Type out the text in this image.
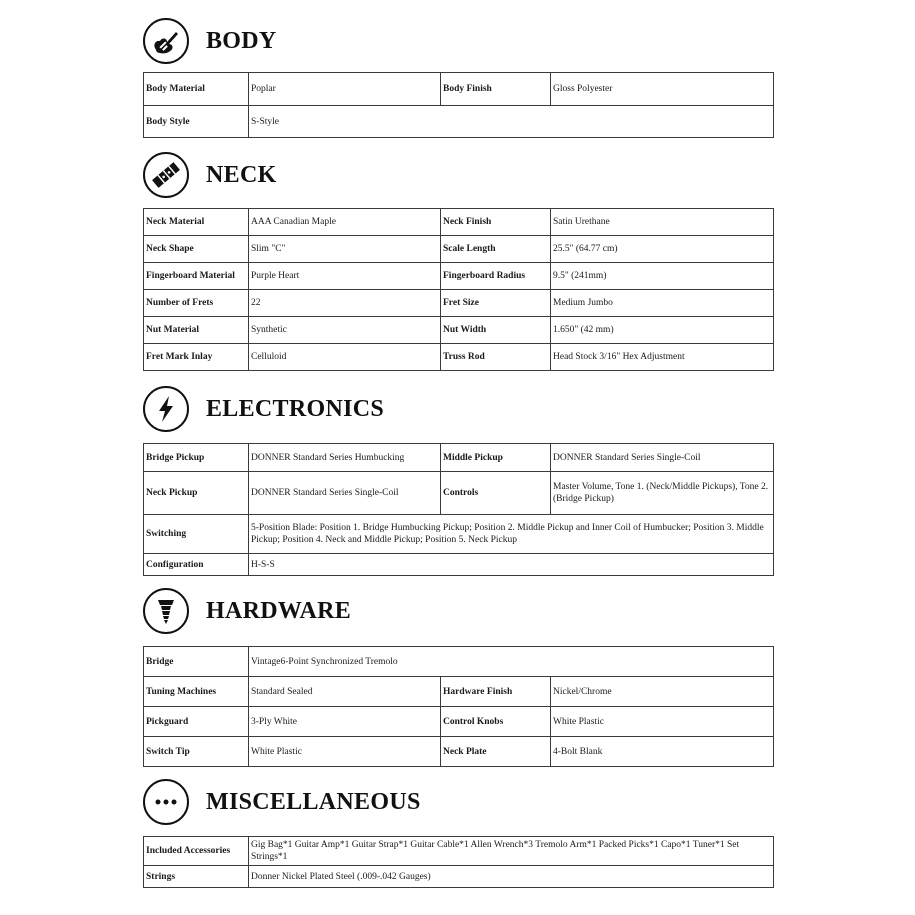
BODY
Body Material	Poplar	Body Finish	Gloss Polyester
Body Style	S-Style		
NECK
Neck Material	AAA Canadian Maple	Neck Finish	Satin Urethane
Neck Shape	Slim "C"	Scale Length	25.5" (64.77 cm)
Fingerboard Material	Purple Heart	Fingerboard Radius	9.5" (241mm)
Number of Frets	22	Fret Size	Medium Jumbo
Nut Material	Synthetic	Nut Width	1.650" (42 mm)
Fret Mark Inlay	Celluloid	Truss Rod	Head Stock 3/16" Hex Adjustment
ELECTRONICS
Bridge Pickup	DONNER Standard Series Humbucking	Middle Pickup	DONNER Standard Series Single-Coil
Neck Pickup	DONNER Standard Series Single-Coil	Controls	Master Volume, Tone 1. (Neck/Middle Pickups), Tone 2. (Bridge Pickup)
Switching	5-Position Blade: Position 1. Bridge Humbucking Pickup; Position 2. Middle Pickup and Inner Coil of Humbucker; Position 3. Middle Pickup; Position 4. Neck and Middle Pickup; Position 5. Neck Pickup		
Configuration	H-S-S		
HARDWARE
Bridge	Vintage6-Point Synchronized Tremolo		
Tuning Machines	Standard Sealed	Hardware Finish	Nickel/Chrome
Pickguard	3-Ply White	Control Knobs	White Plastic
Switch Tip	White Plastic	Neck Plate	4-Bolt Blank
MISCELLANEOUS
Included Accessories	Gig Bag*1 Guitar Amp*1 Guitar Strap*1 Guitar Cable*1 Allen Wrench*3 Tremolo Arm*1 Packed Picks*1 Capo*1 Tuner*1 Set Strings*1
Strings	Donner Nickel Plated Steel (.009-.042 Gauges)
